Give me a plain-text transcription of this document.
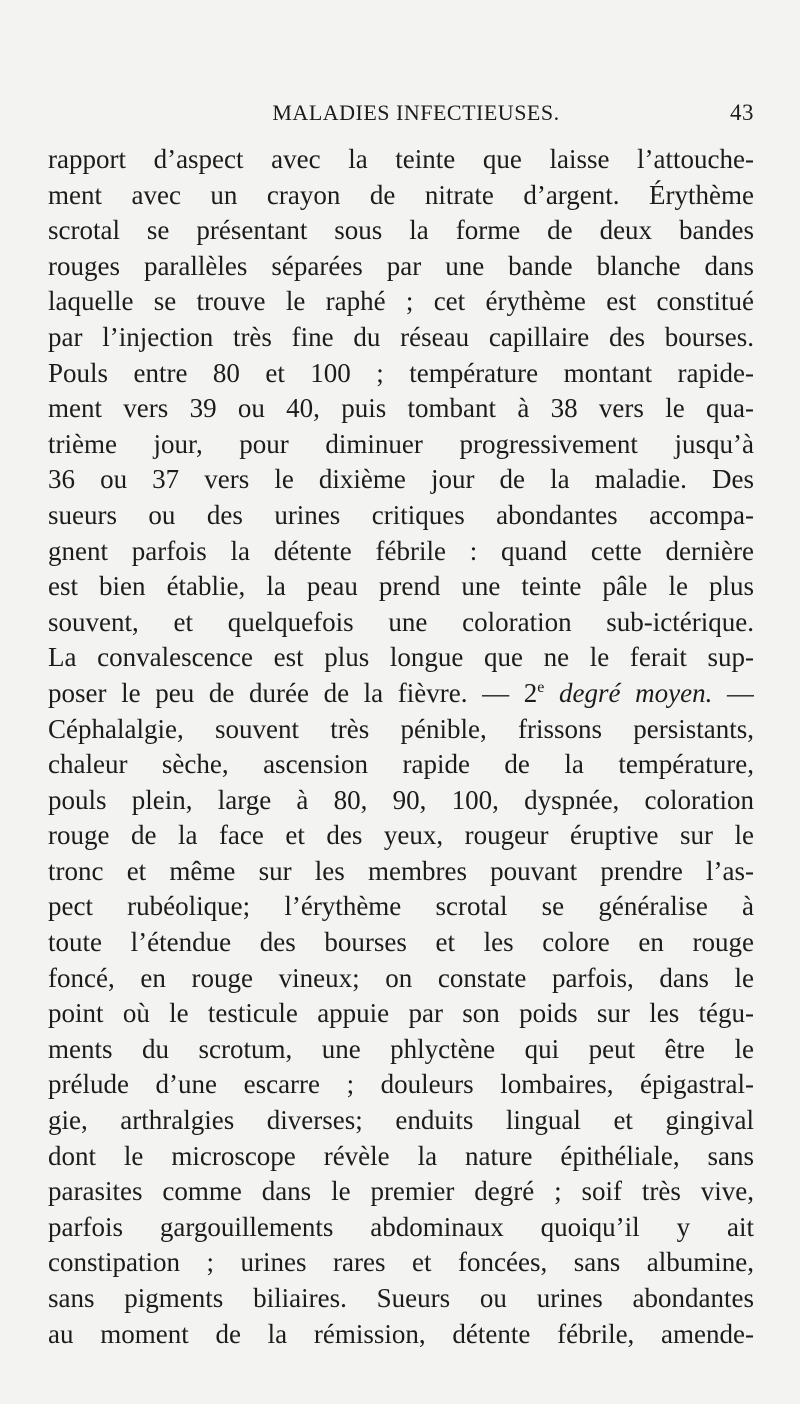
MALADIES INFECTIEUSES.	43
rapport d’aspect avec la teinte que laisse l’attouche-
ment avec un crayon de nitrate d’argent. Érythème
scrotal se présentant sous la forme de deux bandes
rouges parallèles séparées par une bande blanche dans
laquelle se trouve le raphé ; cet érythème est constitué
par l’injection très fine du réseau capillaire des bourses.
Pouls entre 80 et 100 ; température montant rapide-
ment vers 39 ou 40, puis tombant à 38 vers le qua-
trième jour, pour diminuer progressivement jusqu’à
36 ou 37 vers le dixième jour de la maladie. Des
sueurs ou des urines critiques abondantes accompa-
gnent parfois la détente fébrile : quand cette dernière
est bien établie, la peau prend une teinte pâle le plus
souvent, et quelquefois une coloration sub-ictérique.
La convalescence est plus longue que ne le ferait sup-
poser le peu de durée de la fièvre. — 2e degré moyen. —
Céphalalgie, souvent très pénible, frissons persistants,
chaleur sèche, ascension rapide de la température,
pouls plein, large à 80, 90, 100, dyspnée, coloration
rouge de la face et des yeux, rougeur éruptive sur le
tronc et même sur les membres pouvant prendre l’as-
pect rubéolique; l’érythème scrotal se généralise à
toute l’étendue des bourses et les colore en rouge
foncé, en rouge vineux; on constate parfois, dans le
point où le testicule appuie par son poids sur les tégu-
ments du scrotum, une phlyctène qui peut être le
prélude d’une escarre ; douleurs lombaires, épigastral-
gie, arthralgies diverses; enduits lingual et gingival
dont le microscope révèle la nature épithéliale, sans
parasites comme dans le premier degré ; soif très vive,
parfois gargouillements abdominaux quoiqu’il y ait
constipation ; urines rares et foncées, sans albumine,
sans pigments biliaires. Sueurs ou urines abondantes
au moment de la rémission, détente fébrile, amende-
